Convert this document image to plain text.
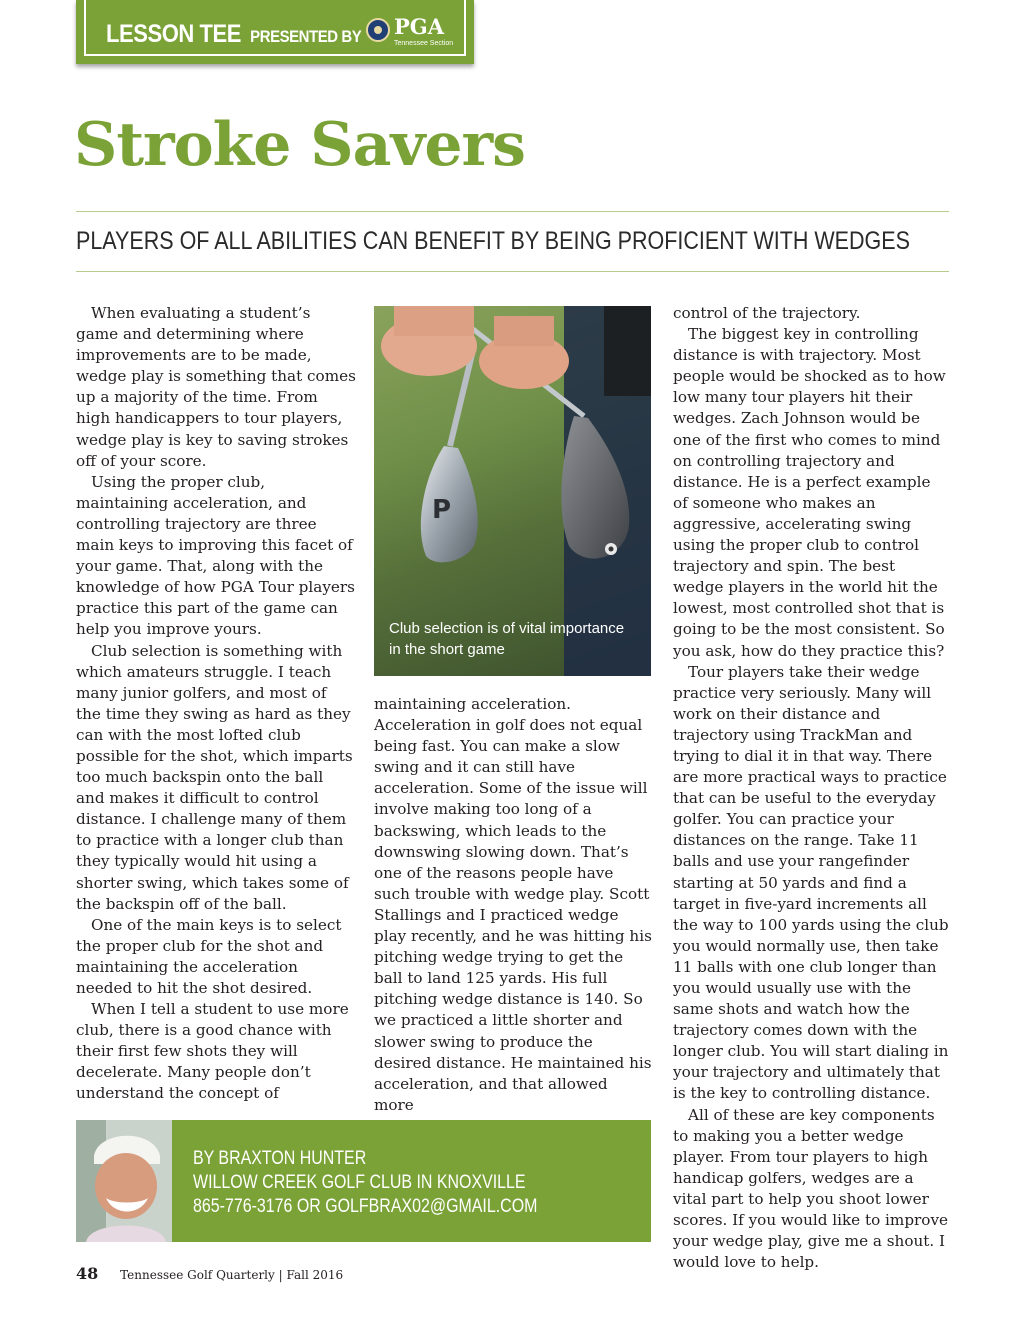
LESSON TEE PRESENTED BY PGA
Tennessee Section
Stroke Savers
PLAYERS OF ALL ABILITIES CAN BENEFIT BY BEING PROFICIENT WITH WEDGES

When evaluating a student’s game and determining where improvements are to be made, wedge play is something that comes up a majority of the time. From high handicappers to tour players, wedge play is key to saving strokes off of your score.

Using the proper club, maintaining acceleration, and controlling trajectory are three main keys to improving this facet of your game. That, along with the knowledge of how PGA Tour players practice this part of the game can help you improve yours.

Club selection is something with which amateurs struggle. I teach many junior golfers, and most of the time they swing as hard as they can with the most lofted club possible for the shot, which imparts too much backspin onto the ball and makes it difficult to control distance. I challenge many of them to practice with a longer club than they typically would hit using a shorter swing, which takes some of the backspin off of the ball.

One of the main keys is to select the proper club for the shot and maintaining the acceleration needed to hit the shot desired.

When I tell a student to use more club, there is a good chance with their first few shots they will decelerate. Many people don’t understand the concept of

P
Club selection is of vital importance in the short game

maintaining acceleration. Acceleration in golf does not equal being fast. You can make a slow swing and it can still have acceleration. Some of the issue will involve making too long of a backswing, which leads to the downswing slowing down. That’s one of the reasons people have such trouble with wedge play. Scott Stallings and I practiced wedge play recently, and he was hitting his pitching wedge trying to get the ball to land 125 yards. His full pitching wedge distance is 140. So we practiced a little shorter and slower swing to produce the desired distance. He maintained his acceleration, and that allowed more

control of the trajectory.

The biggest key in controlling distance is with trajectory. Most people would be shocked as to how low many tour players hit their wedges. Zach Johnson would be one of the first who comes to mind on controlling trajectory and distance. He is a perfect example of someone who makes an aggressive, accelerating swing using the proper club to control trajectory and spin. The best wedge players in the world hit the lowest, most controlled shot that is going to be the most consistent. So you ask, how do they practice this?

Tour players take their wedge practice very seriously. Many will work on their distance and trajectory using TrackMan and trying to dial it in that way. There are more practical ways to practice that can be useful to the everyday golfer. You can practice your distances on the range. Take 11 balls and use your rangefinder starting at 50 yards and find a target in five-yard increments all the way to 100 yards using the club you would normally use, then take 11 balls with one club longer than you would usually use with the same shots and watch how the trajectory comes down with the longer club. You will start dialing in your trajectory and ultimately that is the key to controlling distance.

All of these are key components to making you a better wedge player. From tour players to high handicap golfers, wedges are a vital part to help you shoot lower scores. If you would like to improve your wedge play, give me a shout. I would love to help.

BY BRAXTON HUNTER
WILLOW CREEK GOLF CLUB IN KNOXVILLE
865-776-3176 OR GOLFBRAX02@GMAIL.COM
48 Tennessee Golf Quarterly | Fall 2016
